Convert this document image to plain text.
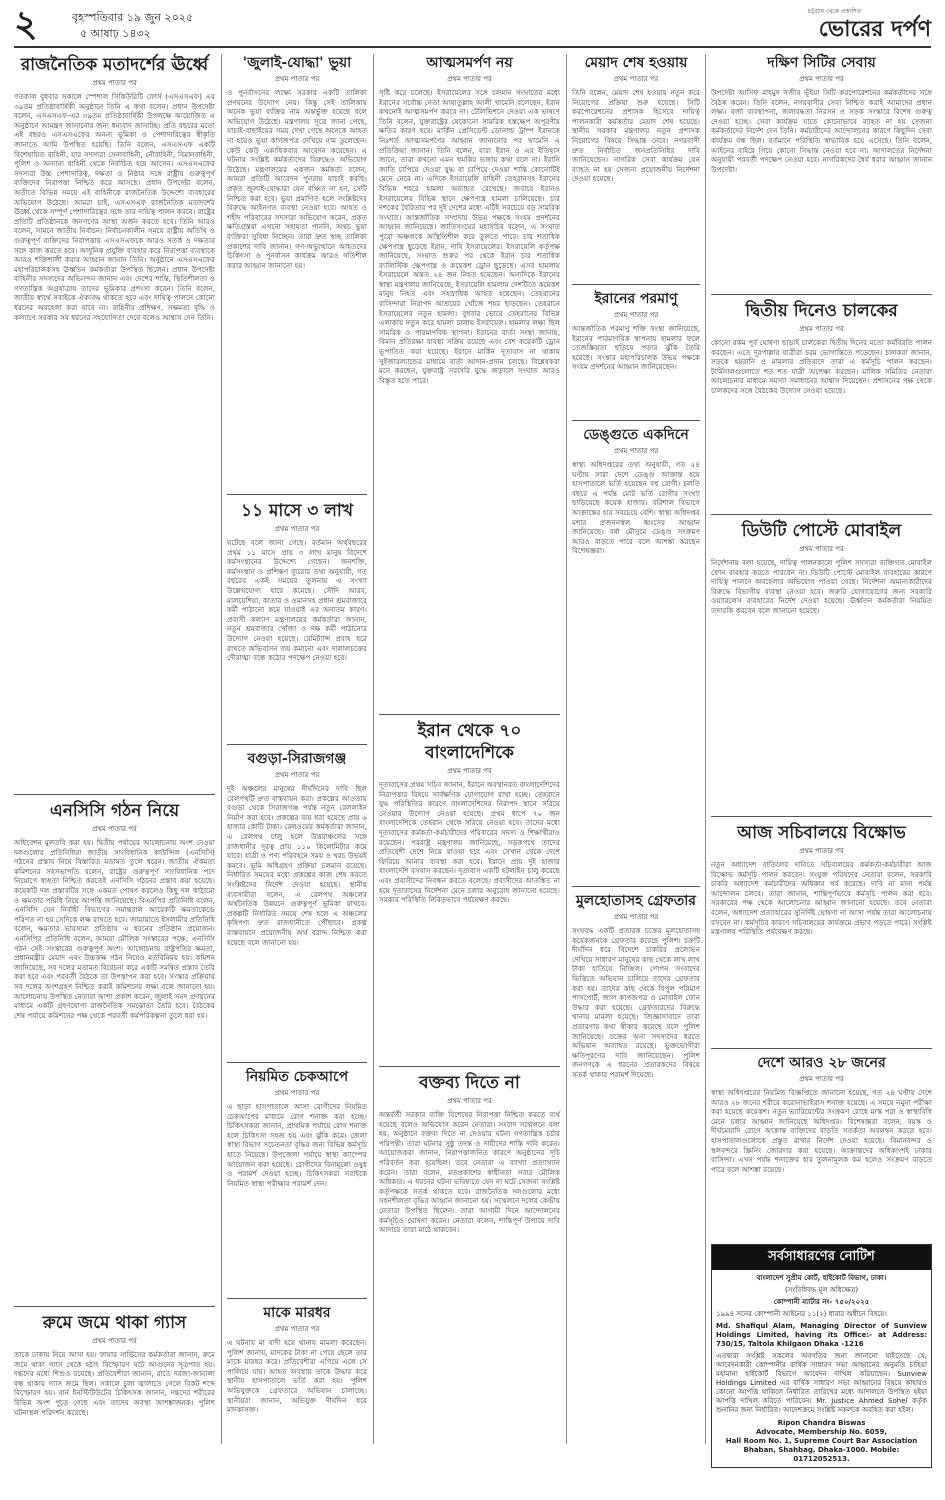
২	বৃহস্পতিবার ১৯ জুন ২০২৫
৫ আষাঢ় ১৪৩২
চট্টগ্রাম থেকে প্রকাশিত
ভোরের দর্পণ
রাজনৈতিক মতাদর্শের ঊর্ধ্বে
প্রথম পাতার পর

গতকাল বুধবার সকালে স্পেশাল সিকিউরিটি ফোর্স (এসএসএফ) এর ৩৯তম প্রতিষ্ঠাবার্ষিকী অনুষ্ঠানে তিনি এ কথা বলেন। প্রধান উপদেষ্টা বলেন, এসএসএফ-এর ৩৯তম প্রতিষ্ঠাবার্ষিকী উপলক্ষে আয়োজিত এ অনুষ্ঠানে আমন্ত্রণ জানানোর জন্য ধন্যবাদ জানাচ্ছি। প্রতি বছরের মতো এই বছরও এসএসএফের অনন্য ভূমিকা ও পেশাদারিত্বের স্বীকৃতি জানাতে আমি উপস্থিত হয়েছি। তিনি বলেন, এসএসএফ একটি বিশেষায়িত বাহিনী, যার সদস্যরা সেনাবাহিনী, নৌবাহিনী, বিমানবাহিনী, পুলিশ ও অন্যান্য বাহিনী থেকে নির্বাচিত হয়ে আসেন। এসএসএফের সদস্যরা উচ্চ পেশাদারিত্ব, দক্ষতা ও নিষ্ঠার সঙ্গে রাষ্ট্রীয় গুরুত্বপূর্ণ ব্যক্তিদের নিরাপত্তা নিশ্চিত করে আসছে। প্রধান উপদেষ্টা বলেন, অতীতে বিভিন্ন সময়ে এই বাহিনীকে রাজনৈতিক উদ্দেশ্যে ব্যবহারের অভিযোগ উঠেছে। আমরা চাই, এসএসএফ রাজনৈতিক মতাদর্শের ঊর্ধ্বে থেকে সম্পূর্ণ পেশাদারিত্বের সঙ্গে তার দায়িত্ব পালন করবে। রাষ্ট্রের প্রতিটি প্রতিষ্ঠানকে জনগণের আস্থা অর্জন করতে হবে। তিনি আরও বলেন, সামনে জাতীয় নির্বাচন। নির্বাচনকালীন সময়ে রাষ্ট্রীয় অতিথি ও গুরুত্বপূর্ণ ব্যক্তিদের নিরাপত্তায় এসএসএফকে আরও সতর্ক ও দক্ষতার সঙ্গে কাজ করতে হবে। আধুনিক প্রযুক্তি ব্যবহার করে নিরাপত্তা ব্যবস্থাকে আরও শক্তিশালী করার আহ্বান জানান তিনি। অনুষ্ঠানে এসএসএফের মহাপরিচালকসহ ঊর্ধ্বতন কর্মকর্তারা উপস্থিত ছিলেন। প্রধান উপদেষ্টা বাহিনীর সদস্যদের অভিনন্দন জানান এবং দেশের শান্তি, স্থিতিশীলতা ও গণতান্ত্রিক অগ্রযাত্রায় তাদের ভূমিকার প্রশংসা করেন। তিনি বলেন, জাতীয় স্বার্থে সবাইকে ঐক্যবদ্ধ থাকতে হবে এবং দায়িত্ব পালনে কোনো ধরনের অবহেলা করা যাবে না। বাহিনীর প্রশিক্ষণ, সক্ষমতা বৃদ্ধি ও কল্যাণে সরকার সব ধরনের সহযোগিতা দেবে বলেও আশ্বাস দেন তিনি।

এনসিসি গঠন নিয়ে
প্রথম পাতার পর

অধিবেশন মুলতবি করা হয়। দ্বিতীয় পর্যায়ের আলোচনায় অংশ নেওয়া দলগুলোর প্রতিনিধিরা জাতীয় সাংবিধানিক কাউন্সিল (এনসিসি) গঠনের প্রস্তাব নিয়ে বিস্তারিত মতামত তুলে ধরেন। জাতীয় ঐকমত্য কমিশনের সহসভাপতি বলেন, রাষ্ট্রের গুরুত্বপূর্ণ সাংবিধানিক পদে নিয়োগে স্বচ্ছতা নিশ্চিত করতেই এনসিসি গঠনের প্রস্তাব করা হয়েছে। কয়েকটি দল প্রস্তাবটির সঙ্গে একমত পোষণ করলেও কিছু দল কাঠামো ও ক্ষমতার পরিধি নিয়ে আপত্তি জানিয়েছে। বিএনপির প্রতিনিধি বলেন, এনসিসি যেন নির্বাহী বিভাগের সমান্তরাল আরেকটি ক্ষমতাকেন্দ্রে পরিণত না হয় সেদিকে লক্ষ রাখতে হবে। জামায়াতে ইসলামীর প্রতিনিধি বলেন, ক্ষমতার ভারসাম্য প্রতিষ্ঠায় এ ধরনের প্রতিষ্ঠান প্রয়োজন। এনসিপির প্রতিনিধি বলেন, আমরা মৌলিক সংস্কারের পক্ষে; এনসিসি গঠন সেই সংস্কারের গুরুত্বপূর্ণ অংশ। আলোচনায় রাষ্ট্রপতির ক্ষমতা, প্রধানমন্ত্রীর মেয়াদ এবং উচ্চকক্ষ গঠন নিয়েও মতবিনিময় হয়। কমিশন জানিয়েছে, সব দলের মতামত বিবেচনা করে একটি সমন্বিত প্রস্তাব তৈরি করা হবে এবং পরবর্তী বৈঠকে তা উপস্থাপন করা হবে। সংস্কার প্রক্রিয়ায় সব দলের অংশগ্রহণ নিশ্চিত করাই কমিশনের লক্ষ্য বলে জানানো হয়। আলোচনায় উপস্থিত নেতারা আশা প্রকাশ করেন, জুলাই সনদ প্রণয়নের মাধ্যমে একটি গ্রহণযোগ্য রাজনৈতিক সমঝোতা তৈরি হবে। বৈঠকের শেষ পর্যায়ে কমিশনের পক্ষ থেকে পরবর্তী কর্মপরিকল্পনা তুলে ধরা হয়।

রুমে জমে থাকা গ্যাস
প্রথম পাতার পর

তাকে ঢাকায় নিয়ে আসা হয়। ফায়ার সার্ভিসের কর্মকর্তারা জানান, রুমে জমে থাকা গ্যাস থেকে হঠাৎ বিস্ফোরণ ঘটে আগুনের সূত্রপাত হয়। দগ্ধদের মধ্যে শিশুও রয়েছে। প্রতিবেশীরা জানান, রাতে দরজা-জানালা বন্ধ থাকায় গ্যাস জমে ছিল। সকালে চুলা জ্বালাতে গেলে বিকট শব্দে বিস্ফোরণ হয়। বার্ন ইনস্টিটিউটের চিকিৎসক জানান, দগ্ধদের শরীরের বিভিন্ন অংশ পুড়ে গেছে এবং তাদের অবস্থা আশঙ্কাজনক। পুলিশ ঘটনাস্থল পরিদর্শন করেছে।

'জুলাই-যোদ্ধা' ভুয়া
প্রথম পাতার পর

ও পুনর্বাসনের লক্ষ্যে সরকার একটি তালিকা প্রণয়নের উদ্যোগ নেয়। কিন্তু সেই তালিকায় অনেক ভুয়া ব্যক্তির নাম অন্তর্ভুক্ত হয়েছে বলে অভিযোগ উঠেছে। মন্ত্রণালয় সূত্রে জানা গেছে, যাচাই-বাছাইয়ের সময় দেখা গেছে অনেকে আহত না হয়েও ভুয়া কাগজপত্র দেখিয়ে নাম তুলেছেন। কেউ কেউ একাধিকবার আবেদন করেছেন। এ ঘটনায় সংশ্লিষ্ট কর্মকর্তাদের বিরুদ্ধেও অভিযোগ উঠেছে। মন্ত্রণালয়ের একজন কর্মকর্তা বলেন, আমরা প্রতিটি আবেদন পুনরায় যাচাই করছি। প্রকৃত জুলাই-যোদ্ধারা যেন বঞ্চিত না হন, সেটি নিশ্চিত করা হবে। ভুয়া প্রমাণিত হলে সংশ্লিষ্টদের বিরুদ্ধে আইনগত ব্যবস্থা নেওয়া হবে। আহত ও শহীদ পরিবারের সদস্যরা অভিযোগ করেন, প্রকৃত ক্ষতিগ্রস্তরা এখনো সহায়তা পাননি, অথচ ভুয়া ব্যক্তিরা সুবিধা নিচ্ছেন। তারা দ্রুত স্বচ্ছ তালিকা প্রকাশের দাবি জানান। গণ-অভ্যুত্থানে আহতদের চিকিৎসা ও পুনর্বাসন কার্যক্রম আরও গতিশীল করার আহ্বান জানানো হয়।

১১ মাসে ৩ লাখ
প্রথম পাতার পর

ঘটেছে বলে জানা গেছে। বর্তমান অর্থবছরের প্রথম ১১ মাসে প্রায় ৩ লাখ মানুষ বিদেশে কর্মসংস্থানের উদ্দেশ্যে গেছেন। জনশক্তি, কর্মসংস্থান ও প্রশিক্ষণ ব্যুরোর তথ্য অনুযায়ী, গত বছরের একই সময়ের তুলনায় এ সংখ্যা উল্লেখযোগ্য হারে কমেছে। সৌদি আরব, মালয়েশিয়া, কাতার ও ওমানসহ প্রধান শ্রমবাজারে কর্মী পাঠানো কমে যাওয়াই এর অন্যতম কারণ। প্রবাসী কল্যাণ মন্ত্রণালয়ের কর্মকর্তারা জানান, নতুন শ্রমবাজার খোঁজা ও দক্ষ কর্মী পাঠানোর উদ্যোগ নেওয়া হয়েছে। রেমিট্যান্স প্রবাহ ধরে রাখতে অভিবাসন ব্যয় কমানো এবং দালালচক্রের দৌরাত্ম্য বন্ধে কঠোর পদক্ষেপ নেওয়া হবে।

বগুড়া-সিরাজগঞ্জ
প্রথম পাতার পর

দুই অঞ্চলের মানুষের দীর্ঘদিনের দাবি ছিল রেলপথটি দ্রুত বাস্তবায়ন করা। প্রকল্পের আওতায় বগুড়া থেকে সিরাজগঞ্জ পর্যন্ত নতুন রেললাইন নির্মাণ করা হবে। প্রকল্পের ব্যয় ধরা হয়েছে প্রায় ৬ হাজার কোটি টাকা। রেলওয়ের কর্মকর্তারা জানান, এ রেলপথ চালু হলে উত্তরাঞ্চলের সঙ্গে রাজধানীর দূরত্ব প্রায় ১১০ কিলোমিটার কমে যাবে। যাত্রী ও পণ্য পরিবহনে সময় ও খরচ উভয়ই কমবে। ভূমি অধিগ্রহণ প্রক্রিয়া চলমান রয়েছে। নির্ধারিত সময়ের মধ্যে প্রকল্পের কাজ শেষ করতে সংশ্লিষ্টদের নির্দেশ দেওয়া হয়েছে। স্থানীয় ব্যবসায়ীরা বলেন, এ রেলপথ অঞ্চলের অর্থনৈতিক উন্নয়নে গুরুত্বপূর্ণ ভূমিকা রাখবে। প্রকল্পটি নির্ধারিত সময়ে শেষ হলে এ অঞ্চলের কৃষিপণ্য দ্রুত রাজধানীতে পৌঁছাবে। প্রকল্প বাস্তবায়নে প্রয়োজনীয় অর্থ বরাদ্দ নিশ্চিত করা হয়েছে বলে জানানো হয়।

নিয়মিত চেকআপে
প্রথম পাতার পর

এ ছাড়া হাসপাতালে আসা রোগীদের নিয়মিত চেকআপের মাধ্যমে রোগ শনাক্ত করা হচ্ছে। চিকিৎসকরা জানান, প্রাথমিক পর্যায়ে রোগ শনাক্ত হলে চিকিৎসা সহজ হয় এবং ঝুঁকি কমে। জেলা স্বাস্থ্য বিভাগ সচেতনতা বৃদ্ধির জন্য বিভিন্ন কর্মসূচি হাতে নিয়েছে। উপজেলা পর্যায়ে স্বাস্থ্য ক্যাম্পের আয়োজন করা হয়েছে। রোগীদের বিনামূল্যে ওষুধ ও পরামর্শ দেওয়া হচ্ছে। চিকিৎসকরা সবাইকে নিয়মিত স্বাস্থ্য পরীক্ষার পরামর্শ দেন।

মাকে মারধর
প্রথম পাতার পর

এ ঘটনায় মা বাদী হয়ে থানায় মামলা করেছেন। পুলিশ জানায়, মাদকের টাকা না পেয়ে ছেলে তার মাকে মারধর করে। প্রতিবেশীরা এগিয়ে এলে সে পালিয়ে যায়। আহত অবস্থায় তাকে উদ্ধার করে স্থানীয় হাসপাতালে ভর্তি করা হয়। পুলিশ অভিযুক্তকে গ্রেফতারে অভিযান চালাচ্ছে। স্থানীয়রা জানান, অভিযুক্ত দীর্ঘদিন ধরে মাদকাসক্ত।

আত্মসমর্পণ নয়
প্রথম পাতার পর

সৃষ্টি করে চলেছে। ইসরায়েলের সঙ্গে চলমান সংঘাতের মধ্যে ইরানের সর্বোচ্চ নেতা আয়াতুল্লাহ আলী খামেনি বলেছেন, ইরান কখনোই আত্মসমর্পণ করবে না। টেলিভিশনে দেওয়া এক ভাষণে তিনি বলেন, যুক্তরাষ্ট্রের যেকোনো সামরিক হস্তক্ষেপ অপূরণীয় ক্ষতির কারণ হবে। মার্কিন প্রেসিডেন্ট ডোনাল্ড ট্রাম্প ইরানকে নিঃশর্ত আত্মসমর্পণের আহ্বান জানানোর পর খামেনি এ প্রতিক্রিয়া জানান। তিনি বলেন, যারা ইরান ও এর ইতিহাস জানে, তারা কখনো এমন হুমকির ভাষায় কথা বলে না। ইরানি জাতি চাপিয়ে দেওয়া যুদ্ধ বা চাপিয়ে দেওয়া শান্তি কোনোটিই মেনে নেবে না। এদিকে ইসরায়েলি বাহিনী তেহরানসহ ইরানের বিভিন্ন শহরে হামলা অব্যাহত রেখেছে। জবাবে ইরানও ইসরায়েলের বিভিন্ন স্থানে ক্ষেপণাস্ত্র হামলা চালিয়েছে। চার দশকের বৈরিতার পর দুই দেশের মধ্যে এটিই সবচেয়ে বড় সামরিক সংঘাত। আন্তর্জাতিক সম্প্রদায় উভয় পক্ষকে সংযম প্রদর্শনের আহ্বান জানিয়েছে। জাতিসংঘের মহাসচিব বলেন, এ সংঘাত পুরো অঞ্চলকে অস্থিতিশীল করে তুলতে পারে। চার শতাধিক ক্ষেপণাস্ত্র ছুড়েছে ইরান, দাবি ইসরায়েলের। ইসরায়েলি কর্তৃপক্ষ জানিয়েছে, সংঘাত শুরুর পর থেকে ইরান চার শতাধিক ব্যালিস্টিক ক্ষেপণাস্ত্র ও কয়েকশ ড্রোন ছুড়েছে। এসব হামলায় ইসরায়েলে অন্তত ২৪ জন নিহত হয়েছেন। অন্যদিকে ইরানের স্বাস্থ্য মন্ত্রণালয় জানিয়েছে, ইসরায়েলি হামলায় দেশটিতে কয়েকশ মানুষ নিহত এবং সহস্রাধিক আহত হয়েছেন। তেহরানের বাসিন্দারা নিরাপদ আশ্রয়ের খোঁজে শহর ছাড়ছেন। তেহরানে ইসরায়েলের নতুন হামলা। বুধবার ভোরে তেহরানের বিভিন্ন এলাকায় নতুন করে হামলা চালায় ইসরায়েল। হামলার লক্ষ্য ছিল সামরিক ও পারমাণবিক স্থাপনা। ইরানের বার্তা সংস্থা জানায়, বিমান প্রতিরক্ষা ব্যবস্থা সক্রিয় রয়েছে এবং বেশ কয়েকটি ড্রোন ভূপাতিত করা হয়েছে। ইরানে মার্কিন দূতাবাস না থাকায় সুইজারল্যান্ডের মাধ্যমে বার্তা আদান-প্রদান চলছে। বিশ্লেষকরা মনে করছেন, যুক্তরাষ্ট্র সরাসরি যুদ্ধে জড়ালে সংঘাত আরও বিস্তৃত হতে পারে।

ইরান থেকে ৭০ বাংলাদেশিকে
প্রথম পাতার পর

দূতাবাসের প্রথম সচিব জানান, ইরানে অবস্থানরত বাংলাদেশিদের নিরাপত্তার বিষয়ে সার্বক্ষণিক যোগাযোগ রাখা হচ্ছে। তেহরানে যুদ্ধ পরিস্থিতির কারণে বাংলাদেশিদের নিরাপদ স্থানে সরিয়ে নেওয়ার উদ্যোগ নেওয়া হয়েছে। প্রথম ধাপে ৭০ জন বাংলাদেশিকে তেহরান থেকে সরিয়ে নেওয়া হবে। তাদের মধ্যে দূতাবাসের কর্মকর্তা-কর্মচারীদের পরিবারের সদস্য ও শিক্ষার্থীরাও রয়েছেন। পররাষ্ট্র মন্ত্রণালয় জানিয়েছে, সড়কপথে তাদের প্রতিবেশী দেশে নিয়ে যাওয়া হবে এবং সেখান থেকে দেশে ফিরিয়ে আনার ব্যবস্থা করা হবে। ইরানে প্রায় দুই হাজার বাংলাদেশি বসবাস করছেন। দূতাবাস একটি হটলাইন চালু করেছে এবং প্রবাসীদের নিবন্ধন করতে বলেছে। প্রবাসীদের আতঙ্কিত না হয়ে দূতাবাসের নির্দেশনা মেনে চলার অনুরোধ জানানো হয়েছে। সরকার পরিস্থিতি নিবিড়ভাবে পর্যবেক্ষণ করছে।

বক্তব্য দিতে না
প্রথম পাতার পর

অন্তর্বর্তী সরকার ব্যক্তি বিশেষের নিরাপত্তা নিশ্চিত করতে ব্যর্থ হয়েছে বলেও অভিযোগ করেন নেতারা। সংবাদ সম্মেলনে বলা হয়, অনুষ্ঠানে বক্তব্য দিতে না দেওয়ার ঘটনা গণতান্ত্রিক চর্চার পরিপন্থী। তারা ঘটনার সুষ্ঠু তদন্ত ও দায়ীদের শাস্তি দাবি করেন। আয়োজকরা জানান, নিরাপত্তাজনিত কারণে অনুষ্ঠানের সূচি পরিবর্তন করা হয়েছিল। তবে নেতারা এ ব্যাখ্যা প্রত্যাখ্যান করেন। তারা বলেন, মতপ্রকাশের স্বাধীনতা সবার মৌলিক অধিকার। এ ধরনের ঘটনা ভবিষ্যতে যেন না ঘটে সেজন্য সংশ্লিষ্ট কর্তৃপক্ষকে সতর্ক থাকতে হবে। রাজনৈতিক দলগুলোর মধ্যে সহনশীলতা বৃদ্ধির আহ্বান জানানো হয়। সম্মেলনে দলের কেন্দ্রীয় নেতারা উপস্থিত ছিলেন। তারা আগামী দিনে আন্দোলনের কর্মসূচিও ঘোষণা করেন। নেতারা বলেন, শান্তিপূর্ণ উপায়ে দাবি আদায়ে তারা মাঠে থাকবেন।

মেয়াদ শেষ হওয়ায়
প্রথম পাতার পর

তিনি বলেন, মেয়াদ শেষ হওয়ায় নতুন করে নিয়োগের প্রক্রিয়া শুরু হয়েছে। সিটি করপোরেশনের প্রশাসক হিসেবে দায়িত্ব পালনকারী কর্মকর্তার মেয়াদ শেষ হয়েছে। স্থানীয় সরকার মন্ত্রণালয় নতুন প্রশাসক নিয়োগের বিষয়ে সিদ্ধান্ত নেবে। নগরবাসী দ্রুত নির্বাচিত জনপ্রতিনিধির দাবি জানিয়েছেন। নাগরিক সেবা কার্যক্রম যেন ব্যাহত না হয় সেজন্য প্রয়োজনীয় নির্দেশনা দেওয়া হয়েছে।

ইরানের পরমাণু
প্রথম পাতার পর

আন্তর্জাতিক পরমাণু শক্তি সংস্থা জানিয়েছে, ইরানের পারমাণবিক স্থাপনায় হামলার ফলে তেজস্ক্রিয়তা ছড়িয়ে পড়ার ঝুঁকি তৈরি হয়েছে। সংস্থার মহাপরিচালক উভয় পক্ষকে সংযম প্রদর্শনের আহ্বান জানিয়েছেন।

ডেঙ্গুতে একদিনে
প্রথম পাতার পর

স্বাস্থ্য অধিদপ্তরের তথ্য অনুযায়ী, গত ২৪ ঘণ্টায় সারা দেশে ডেঙ্গু আক্রান্ত হয়ে হাসপাতালে ভর্তি হয়েছেন বহু রোগী। চলতি বছরে এ পর্যন্ত মোট ভর্তি রোগীর সংখ্যা ছাড়িয়েছে কয়েক হাজার। বরিশাল বিভাগে আক্রান্তের হার সবচেয়ে বেশি। স্বাস্থ্য অধিদপ্তর মশার প্রজননস্থল ধ্বংসের আহ্বান জানিয়েছে। বর্ষা মৌসুমে ডেঙ্গু সংক্রমণ আরও বাড়তে পারে বলে আশঙ্কা করছেন বিশেষজ্ঞরা।

মুলহোতাসহ গ্রেফতার
প্রথম পাতার পর

সংঘবদ্ধ একটি প্রতারক চক্রের মূলহোতাসহ কয়েকজনকে গ্রেফতার করেছে পুলিশ। চক্রটি দীর্ঘদিন ধরে বিদেশে চাকরির প্রলোভন দেখিয়ে সাধারণ মানুষের কাছ থেকে লাখ লাখ টাকা হাতিয়ে নিচ্ছিল। গোপন সংবাদের ভিত্তিতে অভিযান চালিয়ে তাদের গ্রেফতার করা হয়। তাদের কাছ থেকে বিপুল পরিমাণ পাসপোর্ট, জাল কাগজপত্র ও মোবাইল ফোন উদ্ধার করা হয়েছে। গ্রেফতারদের বিরুদ্ধে থানায় মামলা হয়েছে। জিজ্ঞাসাবাদে তারা প্রতারণার কথা স্বীকার করেছে বলে পুলিশ জানিয়েছে। চক্রের অন্য সদস্যদের ধরতে অভিযান অব্যাহত রয়েছে। ভুক্তভোগীরা ক্ষতিপূরণের দাবি জানিয়েছেন। পুলিশ জনগণকে এ ধরনের প্রতারকদের বিষয়ে সতর্ক থাকার পরামর্শ দিয়েছে।

দক্ষিণ সিটির সেবায়
প্রথম পাতার পর

উপদেষ্টা আসিফ মাহমুদ সজীব ভূঁইয়া সিটি করপোরেশনের কর্মকর্তাদের সঙ্গে বৈঠক করেন। তিনি বলেন, নগরবাসীর সেবা নিশ্চিত করাই আমাদের প্রধান লক্ষ্য। বর্জ্য ব্যবস্থাপনা, জলাবদ্ধতা নিরসন ও সড়ক সংস্কারে বিশেষ গুরুত্ব দেওয়া হচ্ছে। সেবা কার্যক্রম যাতে কোনোভাবে ব্যাহত না হয় সেজন্য কর্মকর্তাদের নির্দেশ দেন তিনি। কর্মচারীদের আন্দোলনের কারণে কিছুদিন সেবা কার্যক্রম বন্ধ ছিল। বর্তমানে পরিস্থিতি স্বাভাবিক হয়ে এসেছে। তিনি বলেন, আইনের বাইরে গিয়ে কোনো সিদ্ধান্ত নেওয়া হবে না। আদালতের নির্দেশনা অনুযায়ী পরবর্তী পদক্ষেপ নেওয়া হবে। নাগরিকদের ধৈর্য ধরার আহ্বান জানান উপদেষ্টা।

দ্বিতীয় দিনেও চালকের
প্রথম পাতার পর

কোনো রকম পূর্ব ঘোষণা ছাড়াই চালকেরা দ্বিতীয় দিনের মতো কর্মবিরতি পালন করছেন। এতে দূরপাল্লার যাত্রীরা চরম ভোগান্তিতে পড়েছেন। চালকরা জানান, সড়কে হয়রানি ও মামলার প্রতিবাদে তারা এ কর্মসূচি পালন করছেন। টার্মিনালগুলোতে শত শত যাত্রী অপেক্ষা করছেন। মালিক সমিতির নেতারা আলোচনার মাধ্যমে সমস্যা সমাধানের আশ্বাস দিয়েছেন। প্রশাসনের পক্ষ থেকে চালকদের সঙ্গে বৈঠকের উদ্যোগ নেওয়া হয়েছে।

ডিউটি পোস্টে মোবাইল
প্রথম পাতার পর

নির্দেশনায় বলা হয়েছে, দায়িত্ব পালনকালে পুলিশ সদস্যরা ব্যক্তিগত মোবাইল ফোন ব্যবহার করতে পারবেন না। ডিউটি পোস্টে মোবাইল ব্যবহারের কারণে দায়িত্ব পালনে অবহেলার অভিযোগ পাওয়া গেছে। নির্দেশনা অমান্যকারীদের বিরুদ্ধে বিভাগীয় ব্যবস্থা নেওয়া হবে। জরুরি যোগাযোগের জন্য সরকারি ওয়্যারলেস ব্যবহারের নির্দেশ দেওয়া হয়েছে। ঊর্ধ্বতন কর্মকর্তারা নিয়মিত তদারকি করবেন বলে জানানো হয়েছে।

আজ সচিবালয়ে বিক্ষোভ
প্রথম পাতার পর

নতুন অধ্যাদেশ বাতিলের দাবিতে সচিবালয়ের কর্মকর্তা-কর্মচারীরা আজ বিক্ষোভ কর্মসূচি পালন করবেন। সংযুক্ত পরিষদের নেতারা বলেন, সরকারি চাকরি অধ্যাদেশ কর্মচারীদের অধিকার খর্ব করেছে। দাবি না মানা পর্যন্ত আন্দোলন চলবে। তারা জানান, শান্তিপূর্ণভাবে কর্মসূচি পালন করা হবে। সরকারের পক্ষ থেকে আলোচনার আহ্বান জানানো হয়েছে। তবে নেতারা বলেন, অধ্যাদেশ প্রত্যাহারের সুনির্দিষ্ট ঘোষণা না আসা পর্যন্ত তারা আলোচনায় বসবেন না। কর্মসূচির কারণে সচিবালয়ের কার্যক্রমে প্রভাব পড়তে পারে। সংশ্লিষ্ট মন্ত্রণালয় পরিস্থিতি পর্যবেক্ষণ করছে।

দেশে আরও ২৮ জনের
প্রথম পাতার পর

স্বাস্থ্য অধিদপ্তরের নিয়মিত বিজ্ঞপ্তিতে জানানো হয়েছে, গত ২৪ ঘণ্টায় দেশে আরও ২৮ জনের শরীরে করোনাভাইরাস শনাক্ত হয়েছে। এ সময়ে নমুনা পরীক্ষা করা হয়েছে কয়েকশ। নতুন ভ্যারিয়েন্টের সংক্রমণ রোধে মাস্ক পরা ও স্বাস্থ্যবিধি মেনে চলার আহ্বান জানিয়েছে অধিদপ্তর। বিশেষজ্ঞরা বলেন, বয়স্ক ও দীর্ঘমেয়াদি রোগে আক্রান্ত ব্যক্তিদের বাড়তি সতর্কতা অবলম্বন করতে হবে। হাসপাতালগুলোকে প্রস্তুত রাখার নির্দেশ দেওয়া হয়েছে। বিমানবন্দর ও স্থলবন্দরে স্ক্রিনিং জোরদার করা হয়েছে। আক্রান্তদের অধিকাংশই ঢাকার বাসিন্দা। এখন পর্যন্ত শনাক্তের হার তুলনামূলক কম হলেও সংক্রমণ বাড়তে পারে বলে আশঙ্কা রয়েছে।

সর্বসাধারণের নোটিশ

বাংলাদেশ সুপ্রীম কোর্ট, হাইকোর্ট বিভাগ, ঢাকা।

(সংবিধিবদ্ধ মূল অধিক্ষেত্র)

কোম্পানী ম্যাটার নং- ৭৫০/২০২৫

১৯৯৪ সনের কোম্পানী আইনের ১১(২) ধারার অধীনে বিষয়ে।

Md. Shafiqul Alam, Managing Director of Sunview Holdings Limited, having its Office:- at Address: 730/15, Taltola Khilgaon Dhaka -1216

এতদ্বারা সংশ্লিষ্ট সকলের অবগতির জন্য জানানো যাইতেছে যে, আবেদনকারী কোম্পানীর বার্ষিক সাধারণ সভা আহ্বানের অনুমতি চাহিয়া মহামান্য হাইকোর্ট বিভাগে আবেদন দাখিল করিয়াছেন। Sunview Holdings Limited এর বার্ষিক সাধারণ সভা আহ্বানের বিষয়ে কাহারও কোনো আপত্তি থাকিলে নির্ধারিত তারিখের মধ্যে আদালতে উপস্থিত হইয়া আপত্তি দাখিল করিতে পারিবেন। Mr. Justice Ahmed Sohel কর্তৃক শুনানির জন্য নির্ধারিত। আদেশক্রমে সংশ্লিষ্ট সকলকে অবহিত করা হইল।

Ripon Chandra Biswas
Advocate, Membership No. 6059,
Hall Room No. 1, Supreme Court Bar Association Bhaban, Shahbag, Dhaka-1000. Mobile: 01712052513.
